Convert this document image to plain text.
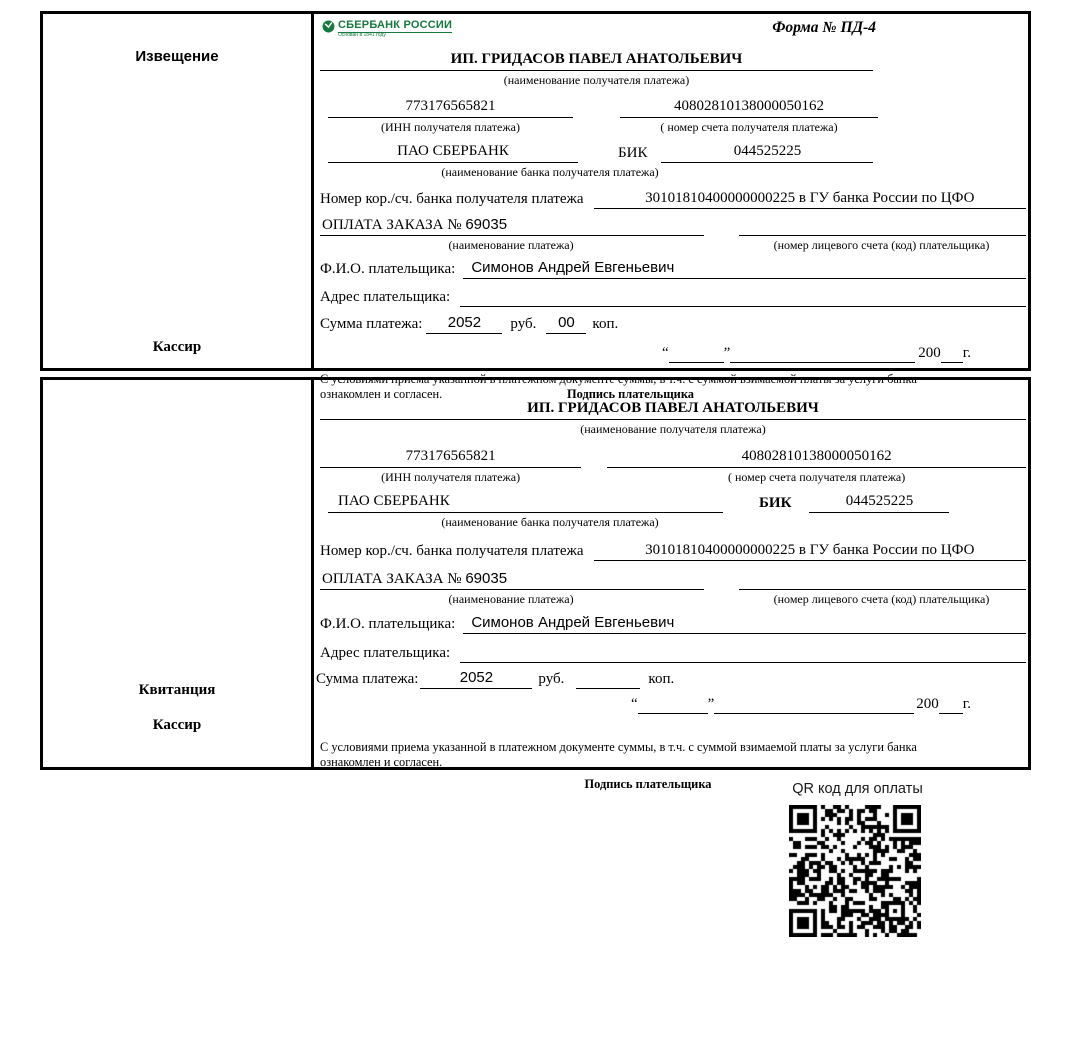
Извещение
Кассир
СБЕРБАНК РОССИИ
Основан в 1841 году	Форма № ПД-4
ИП. ГРИДАСОВ ПАВЕЛ АНАТОЛЬЕВИЧ
(наименование получателя платежа)
773176565821
(ИНН получателя платежа)
40802810138000050162
( номер счета получателя платежа)
ПАО СБЕРБАНК	БИК	044525225
(наименование банка получателя платежа)
Номер кор./сч. банка получателя платежа	30101810400000000225 в ГУ банка России по ЦФО
ОПЛАТА ЗАКАЗА № 69035
(наименование платежа)	(номер лицевого счета (код) плательщика)
Ф.И.О. плательщика:	Симонов Андрей Евгеньевич
Адрес плательщика:
Сумма платежа:	2052	руб.	00	коп.
“	”	200 г.
С условиями приема указанной в платежном документе суммы, в т.ч. с суммой взимаемой платы за услуги банка ознакомлен и согласен.	Подпись плательщика
Квитанция
Кассир
ИП. ГРИДАСОВ ПАВЕЛ АНАТОЛЬЕВИЧ
(наименование получателя платежа)
773176565821
(ИНН получателя платежа)
40802810138000050162
( номер счета получателя платежа)
ПАО СБЕРБАНК	БИК	044525225
(наименование банка получателя платежа)
Номер кор./сч. банка получателя платежа	30101810400000000225 в ГУ банка России по ЦФО
ОПЛАТА ЗАКАЗА № 69035
(наименование платежа)	(номер лицевого счета (код) плательщика)
Ф.И.О. плательщика:	Симонов Андрей Евгеньевич
Адрес плательщика:
Сумма платежа:	2052	руб.	коп.
“	”	200 г.
С условиями приема указанной в платежном документе суммы, в т.ч. с суммой взимаемой платы за услуги банка ознакомлен и согласен.
Подпись плательщика	QR код для оплаты
